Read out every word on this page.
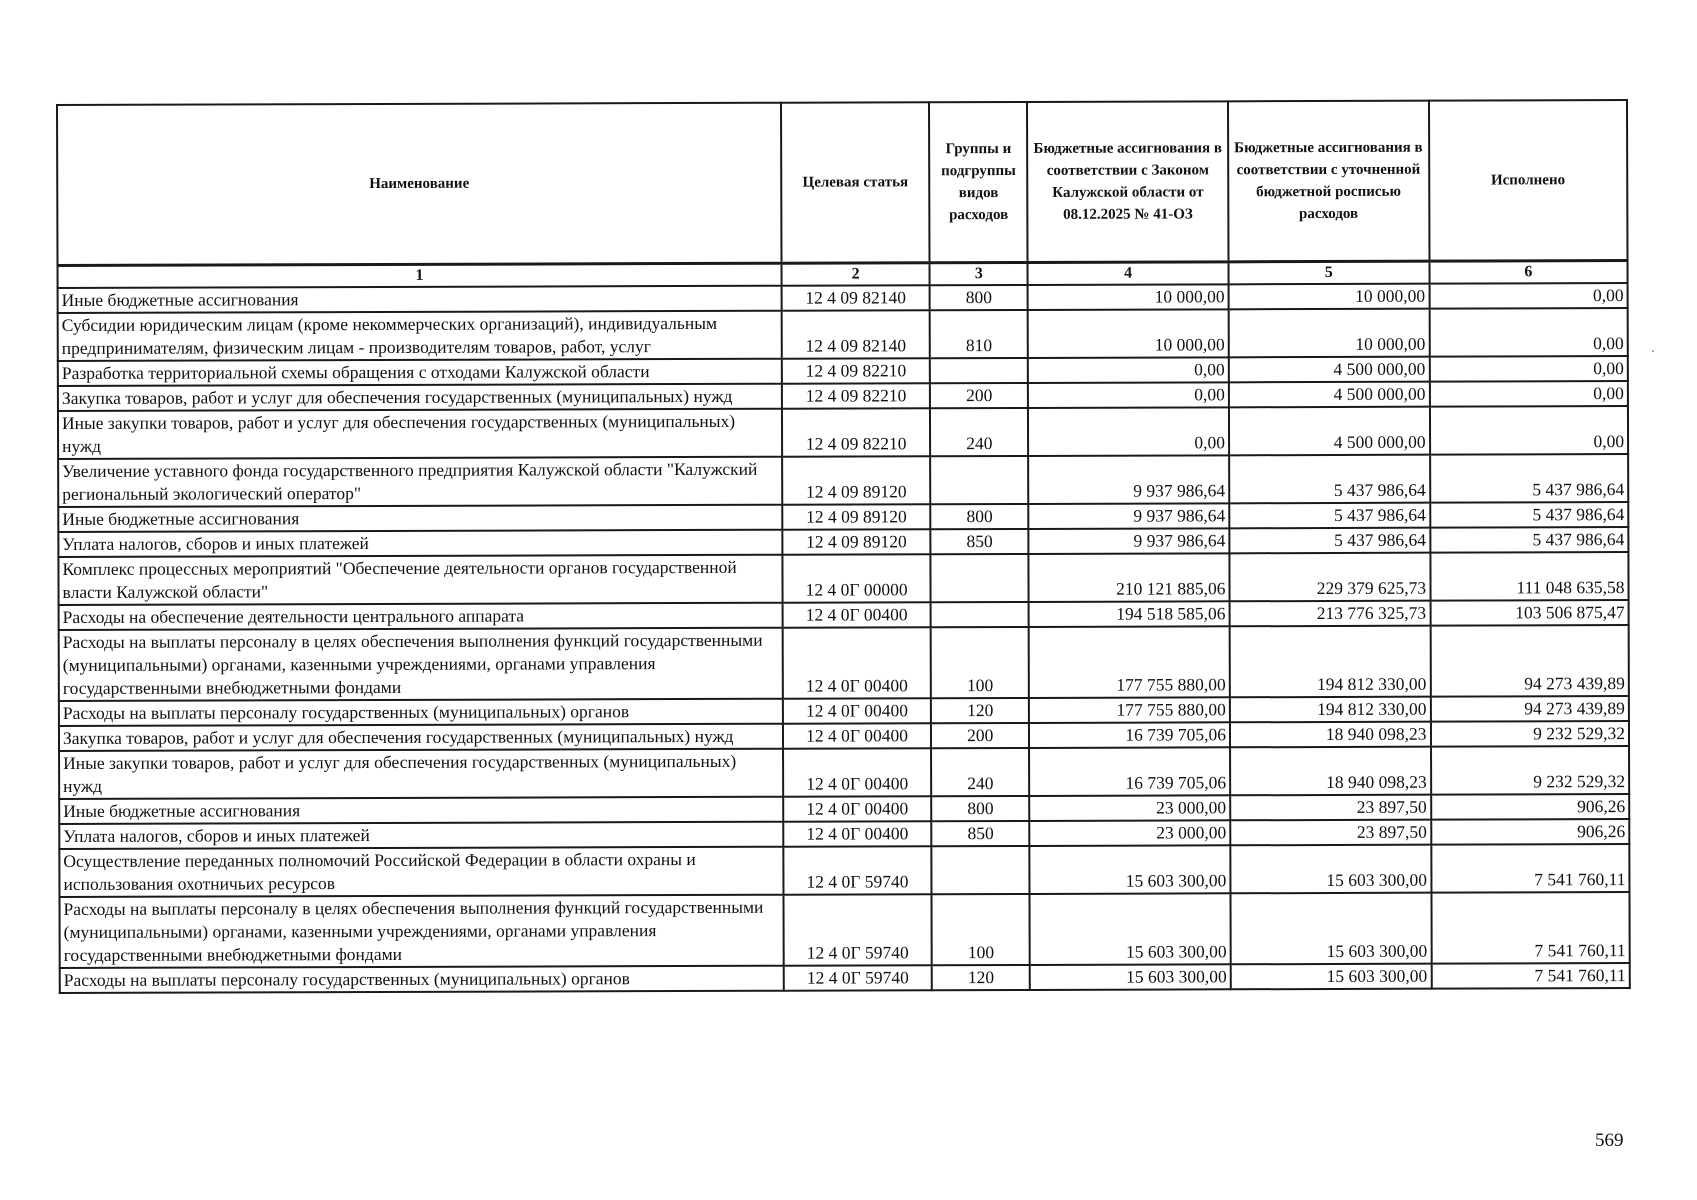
Наименование	Целевая статья	Группы и подгруппы видов расходов	Бюджетные ассигнования в соответствии с Законом Калужской области от 08.12.2025 № 41-ОЗ	Бюджетные ассигнования в соответствии с уточненной бюджетной росписью расходов	Исполнено
1	2	3	4	5	6
Иные бюджетные ассигнования	12 4 09 82140	800	10 000,00	10 000,00	0,00
Субсидии юридическим лицам (кроме некоммерческих организаций), индивидуальным предпринимателям, физическим лицам - производителям товаров, работ, услуг	12 4 09 82140	810	10 000,00	10 000,00	0,00
Разработка территориальной схемы обращения с отходами Калужской области	12 4 09 82210		0,00	4 500 000,00	0,00
Закупка товаров, работ и услуг для обеспечения государственных (муниципальных) нужд	12 4 09 82210	200	0,00	4 500 000,00	0,00
Иные закупки товаров, работ и услуг для обеспечения государственных (муниципальных) нужд	12 4 09 82210	240	0,00	4 500 000,00	0,00
Увеличение уставного фонда государственного предприятия Калужской области "Калужский региональный экологический оператор"	12 4 09 89120		9 937 986,64	5 437 986,64	5 437 986,64
Иные бюджетные ассигнования	12 4 09 89120	800	9 937 986,64	5 437 986,64	5 437 986,64
Уплата налогов, сборов и иных платежей	12 4 09 89120	850	9 937 986,64	5 437 986,64	5 437 986,64
Комплекс процессных мероприятий "Обеспечение деятельности органов государственной власти Калужской области"	12 4 0Г 00000		210 121 885,06	229 379 625,73	111 048 635,58
Расходы на обеспечение деятельности центрального аппарата	12 4 0Г 00400		194 518 585,06	213 776 325,73	103 506 875,47
Расходы на выплаты персоналу в целях обеспечения выполнения функций государственными (муниципальными) органами, казенными учреждениями, органами управления государственными внебюджетными фондами	12 4 0Г 00400	100	177 755 880,00	194 812 330,00	94 273 439,89
Расходы на выплаты персоналу государственных (муниципальных) органов	12 4 0Г 00400	120	177 755 880,00	194 812 330,00	94 273 439,89
Закупка товаров, работ и услуг для обеспечения государственных (муниципальных) нужд	12 4 0Г 00400	200	16 739 705,06	18 940 098,23	9 232 529,32
Иные закупки товаров, работ и услуг для обеспечения государственных (муниципальных) нужд	12 4 0Г 00400	240	16 739 705,06	18 940 098,23	9 232 529,32
Иные бюджетные ассигнования	12 4 0Г 00400	800	23 000,00	23 897,50	906,26
Уплата налогов, сборов и иных платежей	12 4 0Г 00400	850	23 000,00	23 897,50	906,26
Осуществление переданных полномочий Российской Федерации в области охраны и использования охотничьих ресурсов	12 4 0Г 59740		15 603 300,00	15 603 300,00	7 541 760,11
Расходы на выплаты персоналу в целях обеспечения выполнения функций государственными (муниципальными) органами, казенными учреждениями, органами управления государственными внебюджетными фондами	12 4 0Г 59740	100	15 603 300,00	15 603 300,00	7 541 760,11
Расходы на выплаты персоналу государственных (муниципальных) органов	12 4 0Г 59740	120	15 603 300,00	15 603 300,00	7 541 760,11
569
